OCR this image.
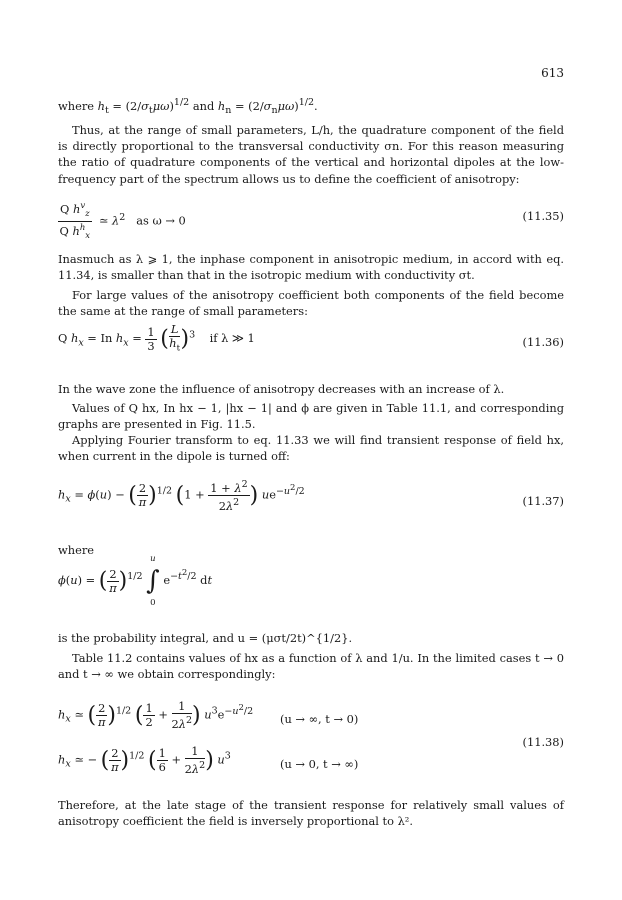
613
where $h_t = (2/\sigma_t\mu\omega)^{1/2}$ and $h_n = (2/\sigma_n\mu\omega)^{1/2}$.
Thus, at the range of small parameters, L/h, the quadrature component of the field is directly proportional to the transversal conductivity σn. For this reason measuring the ratio of quadrature components of the vertical and horizontal dipoles at the low-frequency part of the spectrum allows us to define the coefficient of anisotropy:
$\frac{Q h^v_z}{Q h^h_x}$ ≃ $\lambda^2$ as ω → 0	(11.35)
Inasmuch as λ ⩾ 1, the inphase component in anisotropic medium, in accord with eq. 11.34, is smaller than that in the isotropic medium with conductivity σt.
For large values of the anisotropy coefficient both components of the field become the same at the range of small parameters:
Q $h_x = In$ $h_x = \frac{1}{3}$ ( $\frac{L}{h_t} )^3$ if λ ≫ 1	(11.36)
In the wave zone the influence of anisotropy decreases with an increase of λ.
Values of Q hx, In hx − 1, |hx − 1| and ϕ are given in Table 11.1, and corresponding graphs are presented in Fig. 11.5.
Applying Fourier transform to eq. 11.33 we will find transient response of field hx, when current in the dipole is turned off:
$h_x = \phi(u)$ − ( $\frac{2}{\pi} )^{1/2}$ ($1 + \frac{1 + \lambda^2}{2\lambda^2}$ ) $ue^{-u^2/2}$
(11.37)
where
ϕ(u) = ( $\frac{2}{\pi} )^{1/2}$
u
∫
0
$e^{-t^2/2}$ dt
is the probability integral, and u = (μσt/2t)^{1/2}.
Table 11.2 contains values of hx as a function of λ and 1/u. In the limited cases t → 0 and t → ∞ we obtain correspondingly:
$h_x$ ≃ ( $\frac{2}{\pi} )^{1/2}$ ( $\frac{1}{2} + \frac{1}{2\lambda^2}$ ) $u^3e^{-u^2/2}$
(u → ∞, t → 0)
$h_x$ ≃ − ( $\frac{2}{\pi} )^{1/2}$ ( $\frac{1}{6} + \frac{1}{2\lambda^2}$ ) $u^3$
(u → 0, t → ∞)
(11.38)
Therefore, at the late stage of the transient response for relatively small values of anisotropy coefficient the field is inversely proportional to λ².
